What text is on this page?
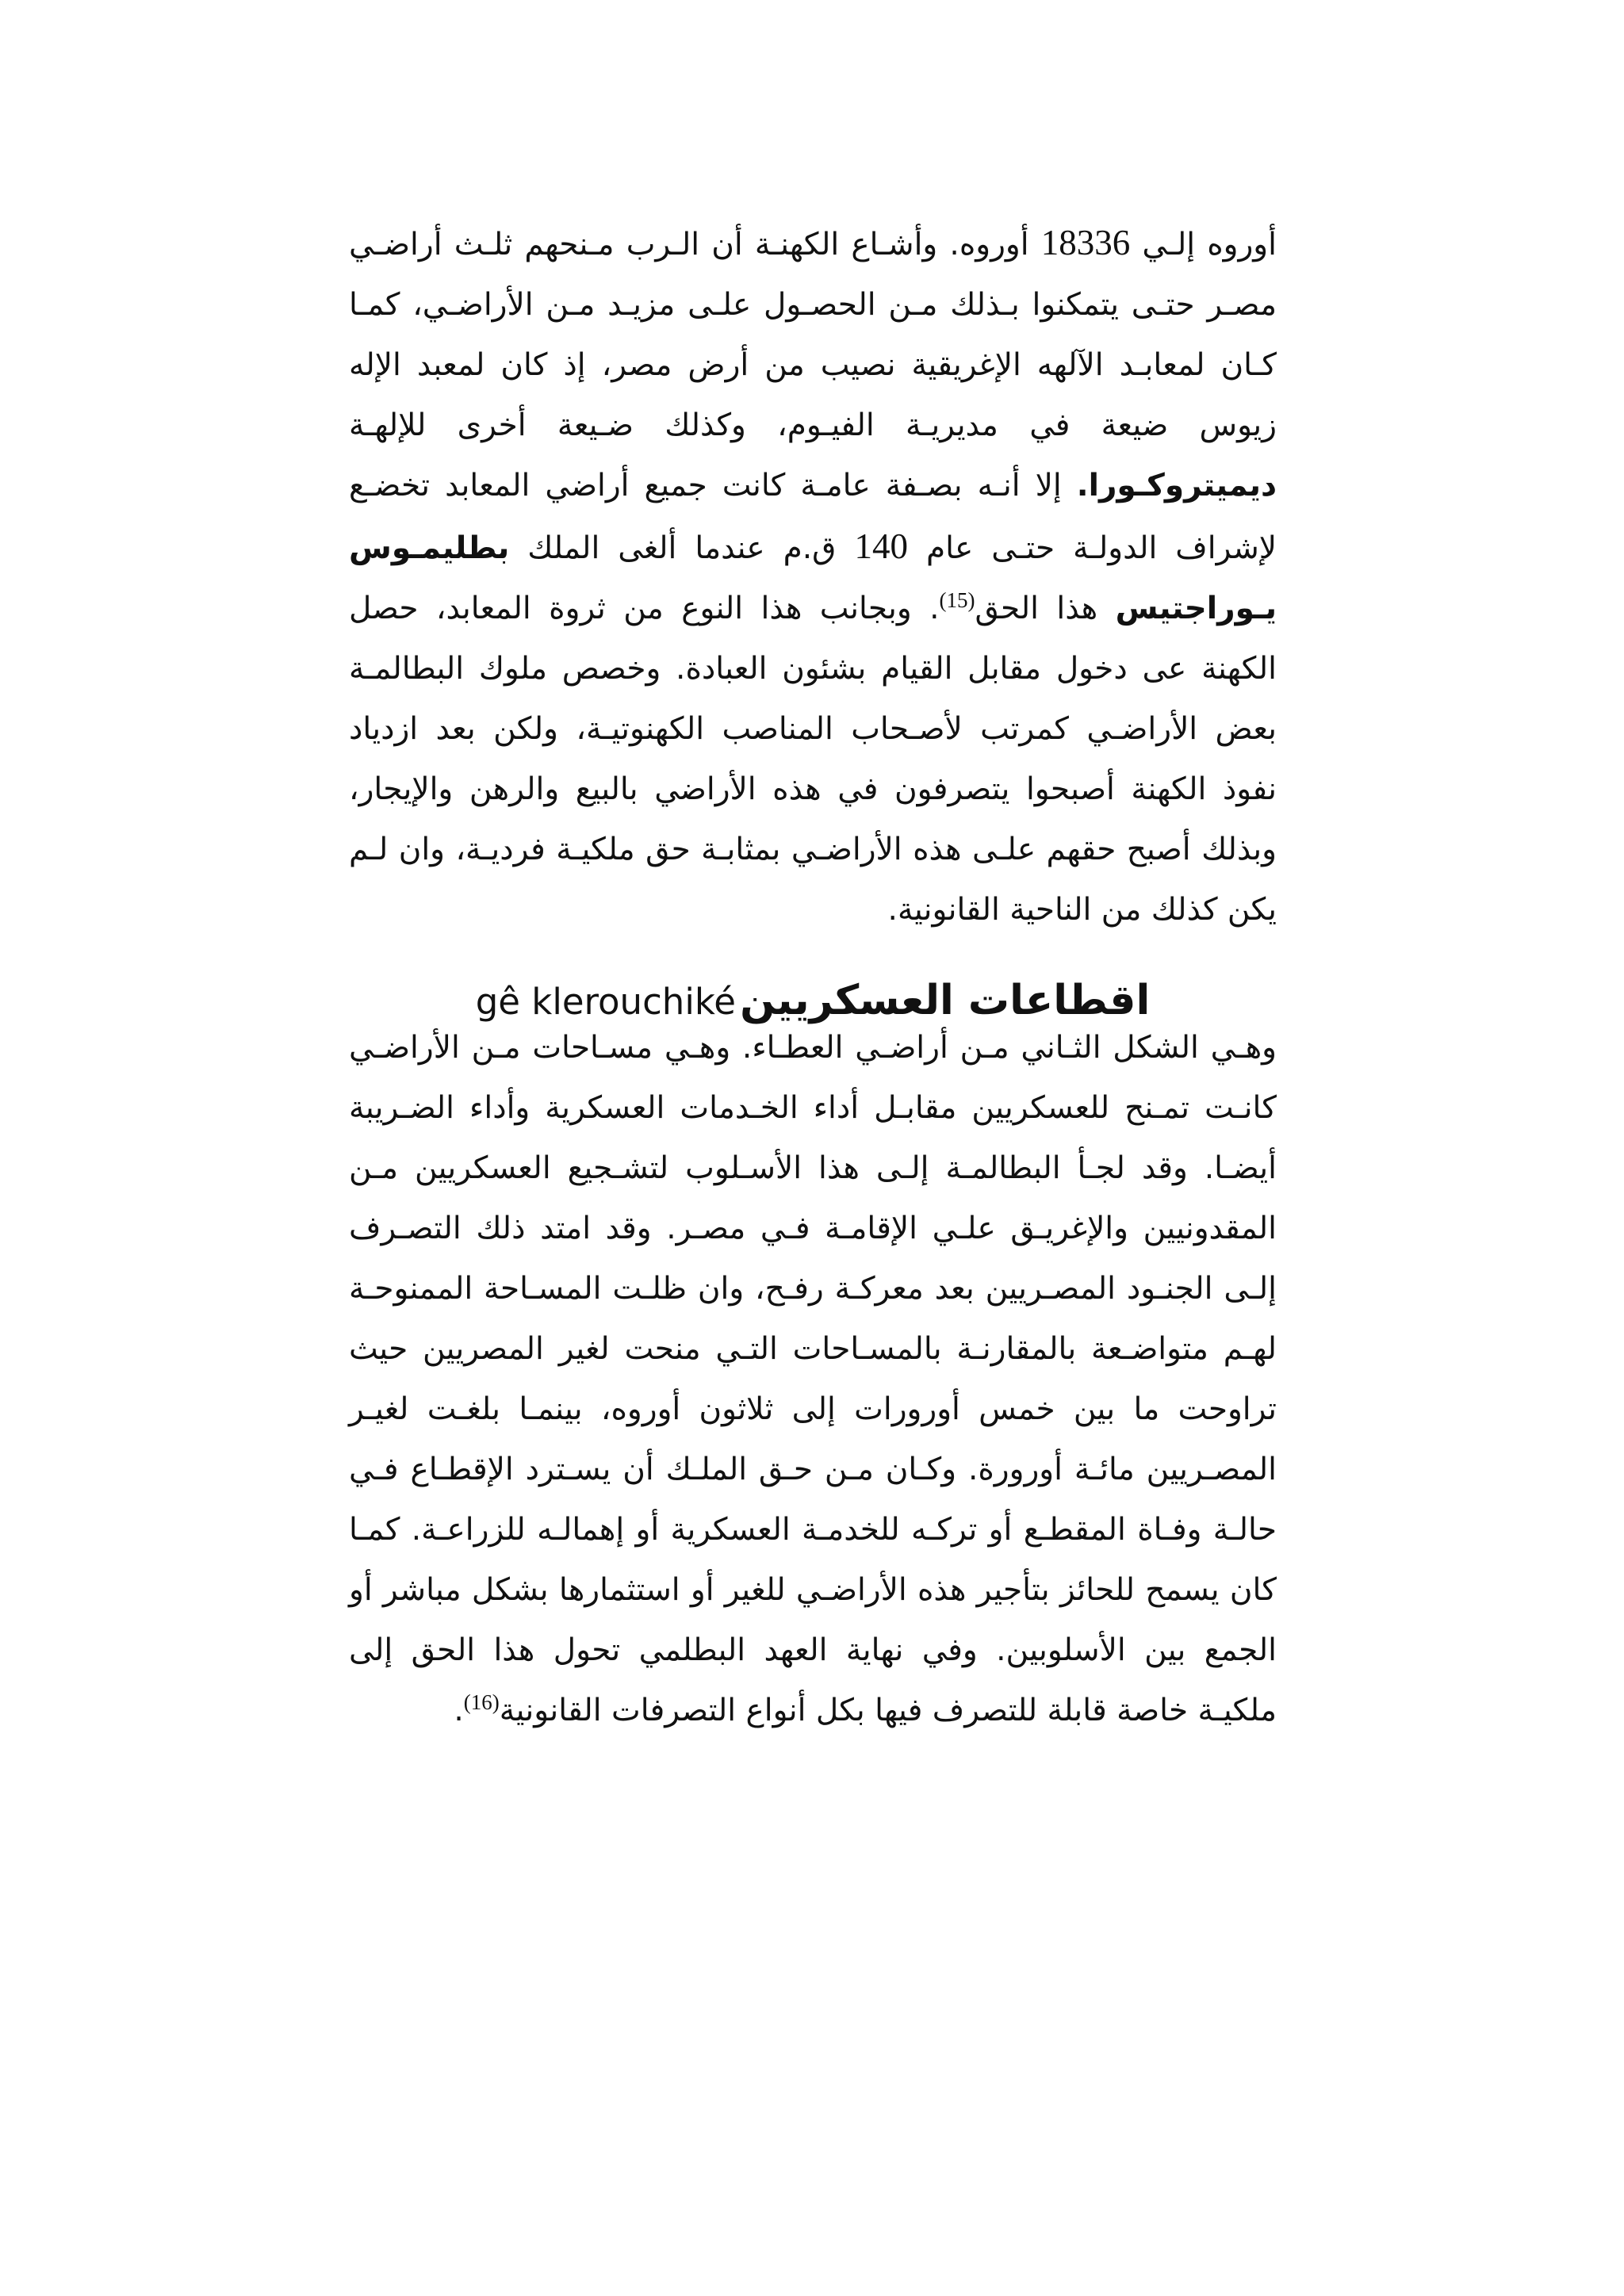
أوروه إلـي 18336 أوروه. وأشـاع الكهنـة أن الـرب مـنحهم ثلـث أراضـي مصـر حتـى يتمكنوا بـذلك مـن الحصـول علـى مزيـد مـن الأراضـي، كمـا كـان لمعابـد الآلهه الإغريقية نصيب من أرض مصر، إذ كان لمعبد الإله زيوس ضيعة في مديريـة الفيـوم، وكذلك ضـيعة أخرى للإلهـة ديميتروكـورا. إلا أنـه بصـفة عامـة كانت جميع أراضي المعابد تخضـع لإشراف الدولـة حتـى عام 140 ق.م عندما ألغى الملك بطليمـوس يـوراجتيس هذا الحق$^{(15)}$. وبجانب هذا النوع من ثروة المعابد، حصل الكهنة عى دخول مقابل القيام بشئون العبادة. وخصص ملوك البطالمـة بعض الأراضـي كمرتب لأصـحاب المناصب الكهنوتيـة، ولكن بعد ازدياد نفوذ الكهنة أصبحوا يتصرفون في هذه الأراضي بالبيع والرهن والإيجار، وبذلك أصبح حقهم علـى هذه الأراضـي بمثابـة حق ملكيـة فرديـة، وان لـم يكن كذلك من الناحية القانونية.

gê klerouchiké اقطاعات العسكريين

وهـي الشكل الثـاني مـن أراضـي العطـاء. وهـي مسـاحات مـن الأراضـي كانـت تمـنح للعسكريين مقابـل أداء الخـدمات العسكرية وأداء الضـريبة أيضـا. وقد لجـأ البطالمـة إلـى هذا الأسـلوب لتشـجيع العسكريين مـن المقدونيين والإغريـق علـي الإقامـة فـي مصـر. وقد امتد ذلك التصـرف إلـى الجنـود المصـريين بعد معركـة رفـح، وان ظلـت المسـاحة الممنوحـة لهـم متواضـعة بالمقارنـة بالمسـاحات التـي منحت لغير المصريين حيث تراوحت ما بين خمس أورورات إلى ثلاثون أوروه، بينمـا بلغـت لغيـر المصـريين مائـة أورورة. وكـان مـن حـق الملـك أن يسـترد الإقطـاع فـي حالـة وفـاة المقطـع أو تركـه للخدمـة العسكرية أو إهمالـه للزراعـة. كمـا كان يسمح للحائز بتأجير هذه الأراضـي للغير أو استثمارها بشكل مباشر أو الجمع بين الأسلوبين. وفي نهاية العهد البطلمي تحول هذا الحق إلى ملكيـة خاصة قابلة للتصرف فيها بكل أنواع التصرفات القانونية$^{(16)}$.
